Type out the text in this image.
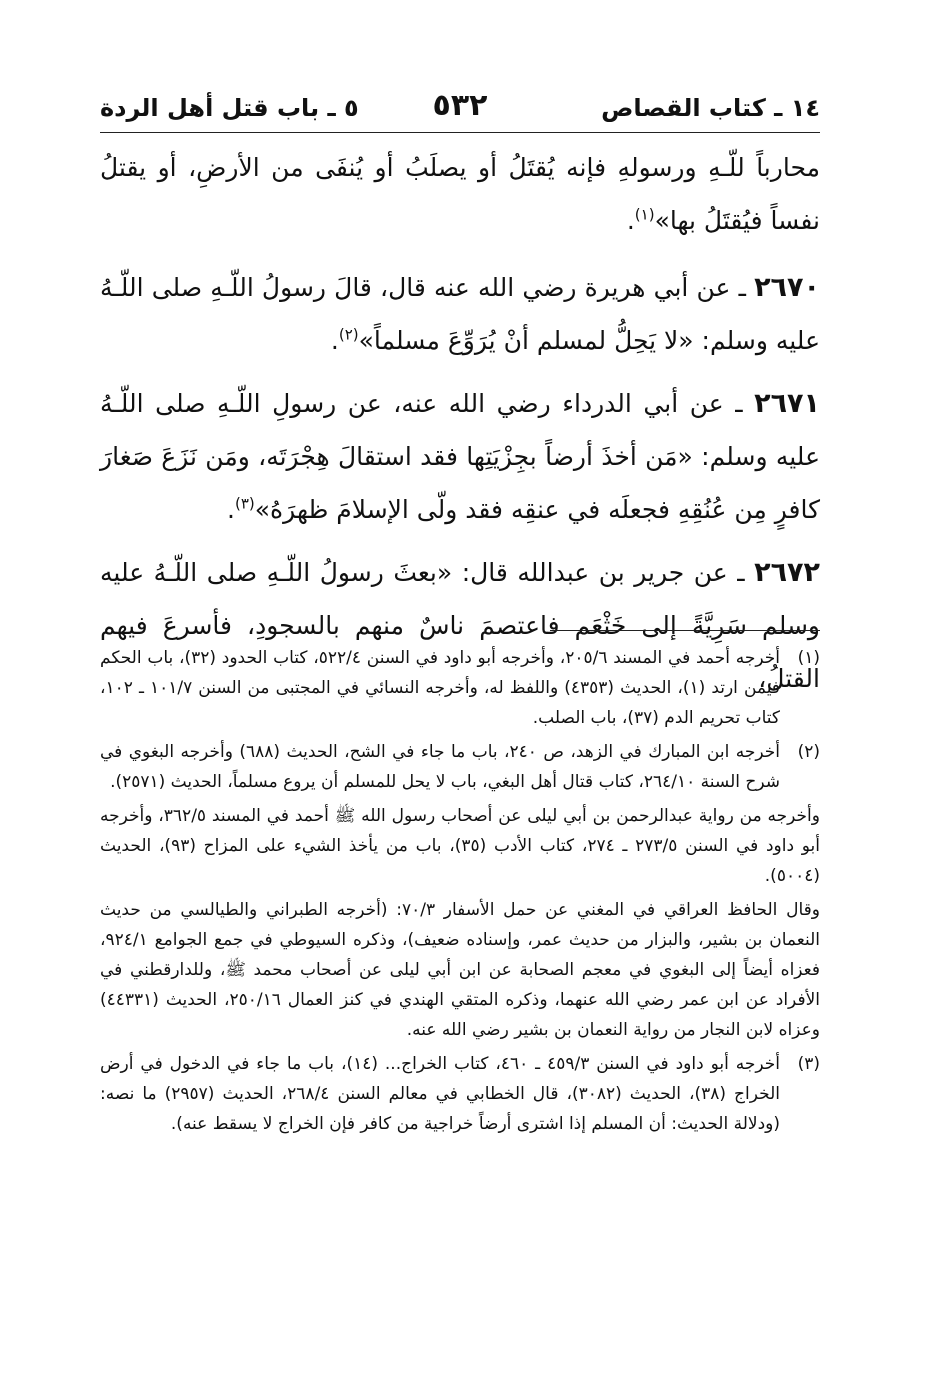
١٤ ـ كتاب القصاص
٥٣٢
٥ ـ باب قتل أهل الردة

محارباً للّـهِ ورسولهِ فإنه يُقتَلُ أو يصلَبُ أو يُنفَى من الأرضِ، أو يقتلُ نفساً فيُقتَلُ بها»$^{(١)}$.

٢٦٧٠ ـ عن أبي هريرة رضي الله عنه قال، قالَ رسولُ اللّـهِ صلى اللّـهُ عليه وسلم: «لا يَحِلُّ لمسلم أنْ يُرَوِّعَ مسلماً»$^{(٢)}$.

٢٦٧١ ـ عن أبي الدرداء رضي الله عنه، عن رسولِ اللّـهِ صلى اللّـهُ عليه وسلم: «مَن أخذَ أرضاً بجِزْيَتِها فقد استقالَ هِجْرَتَه، ومَن نَزَعَ صَغارَ كافرٍ مِن عُنُقِهِ فجعلَه في عنقِه فقد ولّى الإسلامَ ظهرَهُ»$^{(٣)}$.

٢٦٧٢ ـ عن جرير بن عبدالله قال: «بعثَ رسولُ اللّـهِ صلى اللّـهُ عليه وسلم سَرِيَّةً إلى خَثْعَم فاعتصمَ ناسٌ منهم بالسجودِ، فأسرعَ فيهم القتلُ،

(١)
أخرجه أحمد في المسند ٢٠٥/٦، وأخرجه أبو داود في السنن ٥٢٢/٤، كتاب الحدود (٣٢)، باب الحكم فيمن ارتد (١)، الحديث (٤٣٥٣) واللفظ له، وأخرجه النسائي في المجتبى من السنن ١٠١/٧ ـ ١٠٢، كتاب تحريم الدم (٣٧)، باب الصلب.
(٢)
أخرجه ابن المبارك في الزهد، ص ٢٤٠، باب ما جاء في الشح، الحديث (٦٨٨) وأخرجه البغوي في شرح السنة ٢٦٤/١٠، كتاب قتال أهل البغي، باب لا يحل للمسلم أن يروع مسلماً، الحديث (٢٥٧١).
وأخرجه من رواية عبدالرحمن بن أبي ليلى عن أصحاب رسول الله ﷺ أحمد في المسند ٣٦٢/٥، وأخرجه أبو داود في السنن ٢٧٣/٥ ـ ٢٧٤، كتاب الأدب (٣٥)، باب من يأخذ الشيء على المزاح (٩٣)، الحديث (٥٠٠٤).
وقال الحافظ العراقي في المغني عن حمل الأسفار ٧٠/٣: (أخرجه الطبراني والطيالسي من حديث النعمان بن بشير، والبزار من حديث عمر، وإسناده ضعيف)، وذكره السيوطي في جمع الجوامع ٩٢٤/١، فعزاه أيضاً إلى البغوي في معجم الصحابة عن ابن أبي ليلى عن أصحاب محمد ﷺ، وللدارقطني في الأفراد عن ابن عمر رضي الله عنهما، وذكره المتقي الهندي في كنز العمال ٢٥٠/١٦، الحديث (٤٤٣٣١) وعزاه لابن النجار من رواية النعمان بن بشير رضي الله عنه.
(٣)
أخرجه أبو داود في السنن ٤٥٩/٣ ـ ٤٦٠، كتاب الخراج... (١٤)، باب ما جاء في الدخول في أرض الخراج (٣٨)، الحديث (٣٠٨٢)، قال الخطابي في معالم السنن ٢٦٨/٤، الحديث (٢٩٥٧) ما نصه: (ودلالة الحديث: أن المسلم إذا اشترى أرضاً خراجية من كافر فإن الخراج لا يسقط عنه).
